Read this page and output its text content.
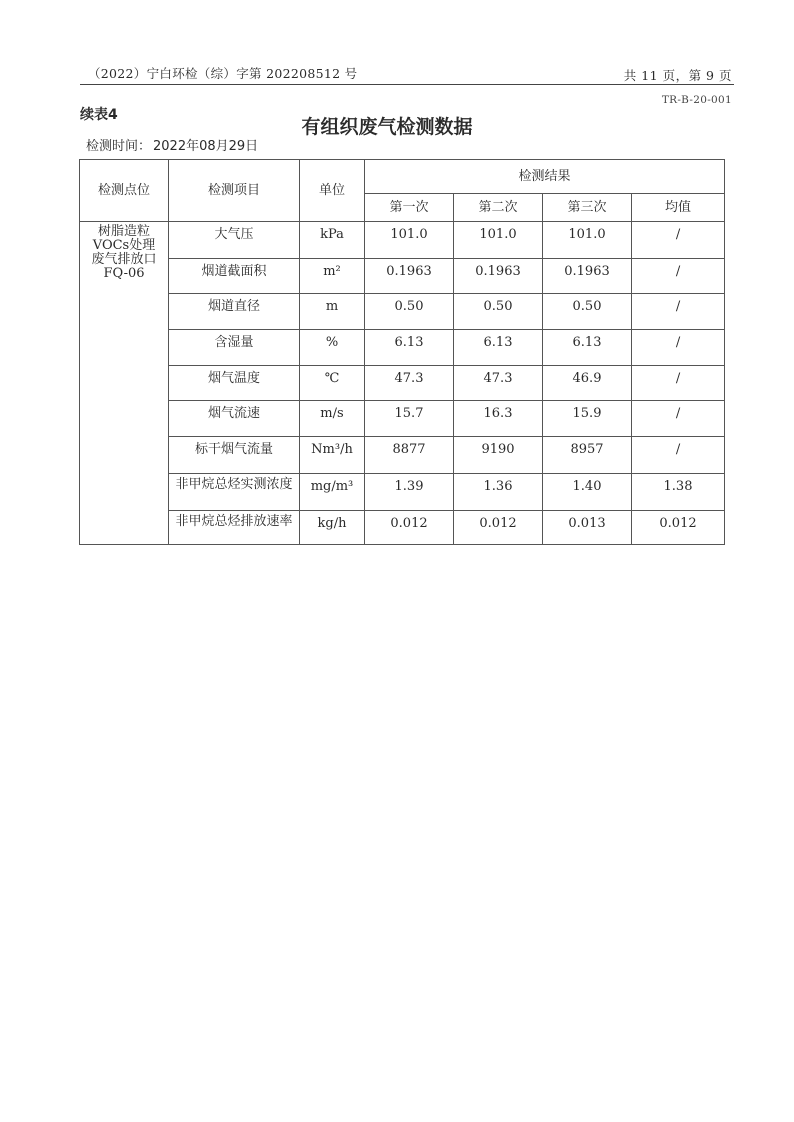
（2022）宁白环检（综）字第 202208512 号	共 11 页，第 9 页
TR-B-20-001
续表4
有组织废气检测数据
检测时间： 2022年08月29日
检测点位	检测项目	单位	检测结果			
			第一次	第二次	第三次	均值

树脂造粒
VOCs处理
废气排放口
FQ-06	大气压	kPa	101.0	101.0	101.0	/
	烟道截面积	m²	0.1963	0.1963	0.1963	/
	烟道直径	m	0.50	0.50	0.50	/
	含湿量	%	6.13	6.13	6.13	/
	烟气温度	℃	47.3	47.3	46.9	/
	烟气流速	m/s	15.7	16.3	15.9	/
	标干烟气流量	Nm³/h	8877	9190	8957	/
	非甲烷总烃实测浓度	mg/m³	1.39	1.36	1.40	1.38
	非甲烷总烃排放速率	kg/h	0.012	0.012	0.013	0.012
